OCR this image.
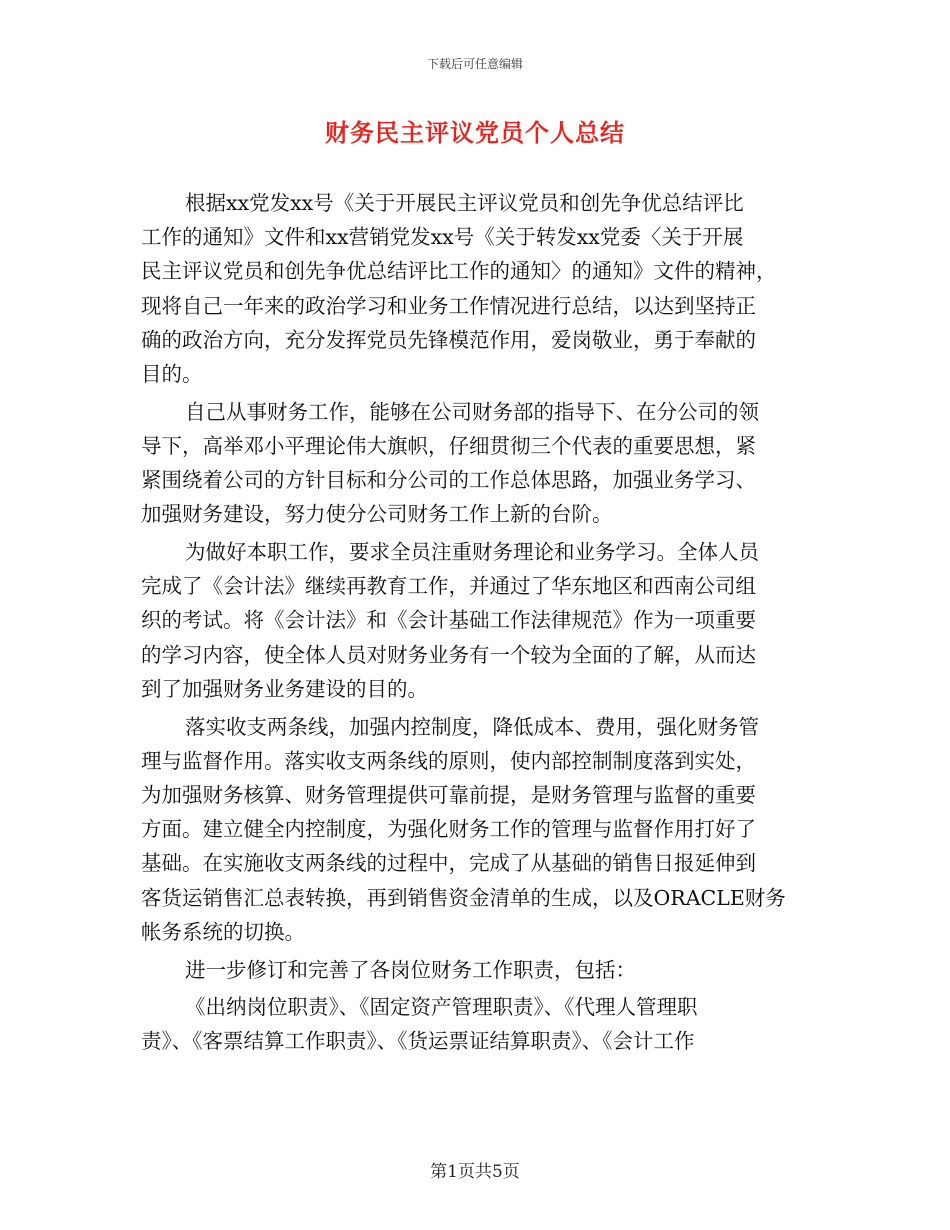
下载后可任意编辑
财务民主评议党员个人总结
根据xx党发xx号《关于开展民主评议党员和创先争优总结评比
工作的通知》文件和xx营销党发xx号《关于转发xx党委〈关于开展
民主评议党员和创先争优总结评比工作的通知〉的通知》文件的精神，
现将自己一年来的政治学习和业务工作情况进行总结，以达到坚持正
确的政治方向，充分发挥党员先锋模范作用，爱岗敬业，勇于奉献的
目的。
自己从事财务工作，能够在公司财务部的指导下、在分公司的领
导下，高举邓小平理论伟大旗帜，仔细贯彻三个代表的重要思想，紧
紧围绕着公司的方针目标和分公司的工作总体思路，加强业务学习、
加强财务建设，努力使分公司财务工作上新的台阶。
为做好本职工作，要求全员注重财务理论和业务学习。全体人员
完成了《会计法》继续再教育工作，并通过了华东地区和西南公司组
织的考试。将《会计法》和《会计基础工作法律规范》作为一项重要
的学习内容，使全体人员对财务业务有一个较为全面的了解，从而达
到了加强财务业务建设的目的。
落实收支两条线，加强内控制度，降低成本、费用，强化财务管
理与监督作用。落实收支两条线的原则，使内部控制制度落到实处，
为加强财务核算、财务管理提供可靠前提，是财务管理与监督的重要
方面。建立健全内控制度，为强化财务工作的管理与监督作用打好了
基础。在实施收支两条线的过程中，完成了从基础的销售日报延伸到
客货运销售汇总表转换，再到销售资金清单的生成，以及ORACLE财务
帐务系统的切换。
进一步修订和完善了各岗位财务工作职责，包括：
《出纳岗位职责》、《固定资产管理职责》、《代理人管理职
责》、《客票结算工作职责》、《货运票证结算职责》、《会计工作
第1页共5页
